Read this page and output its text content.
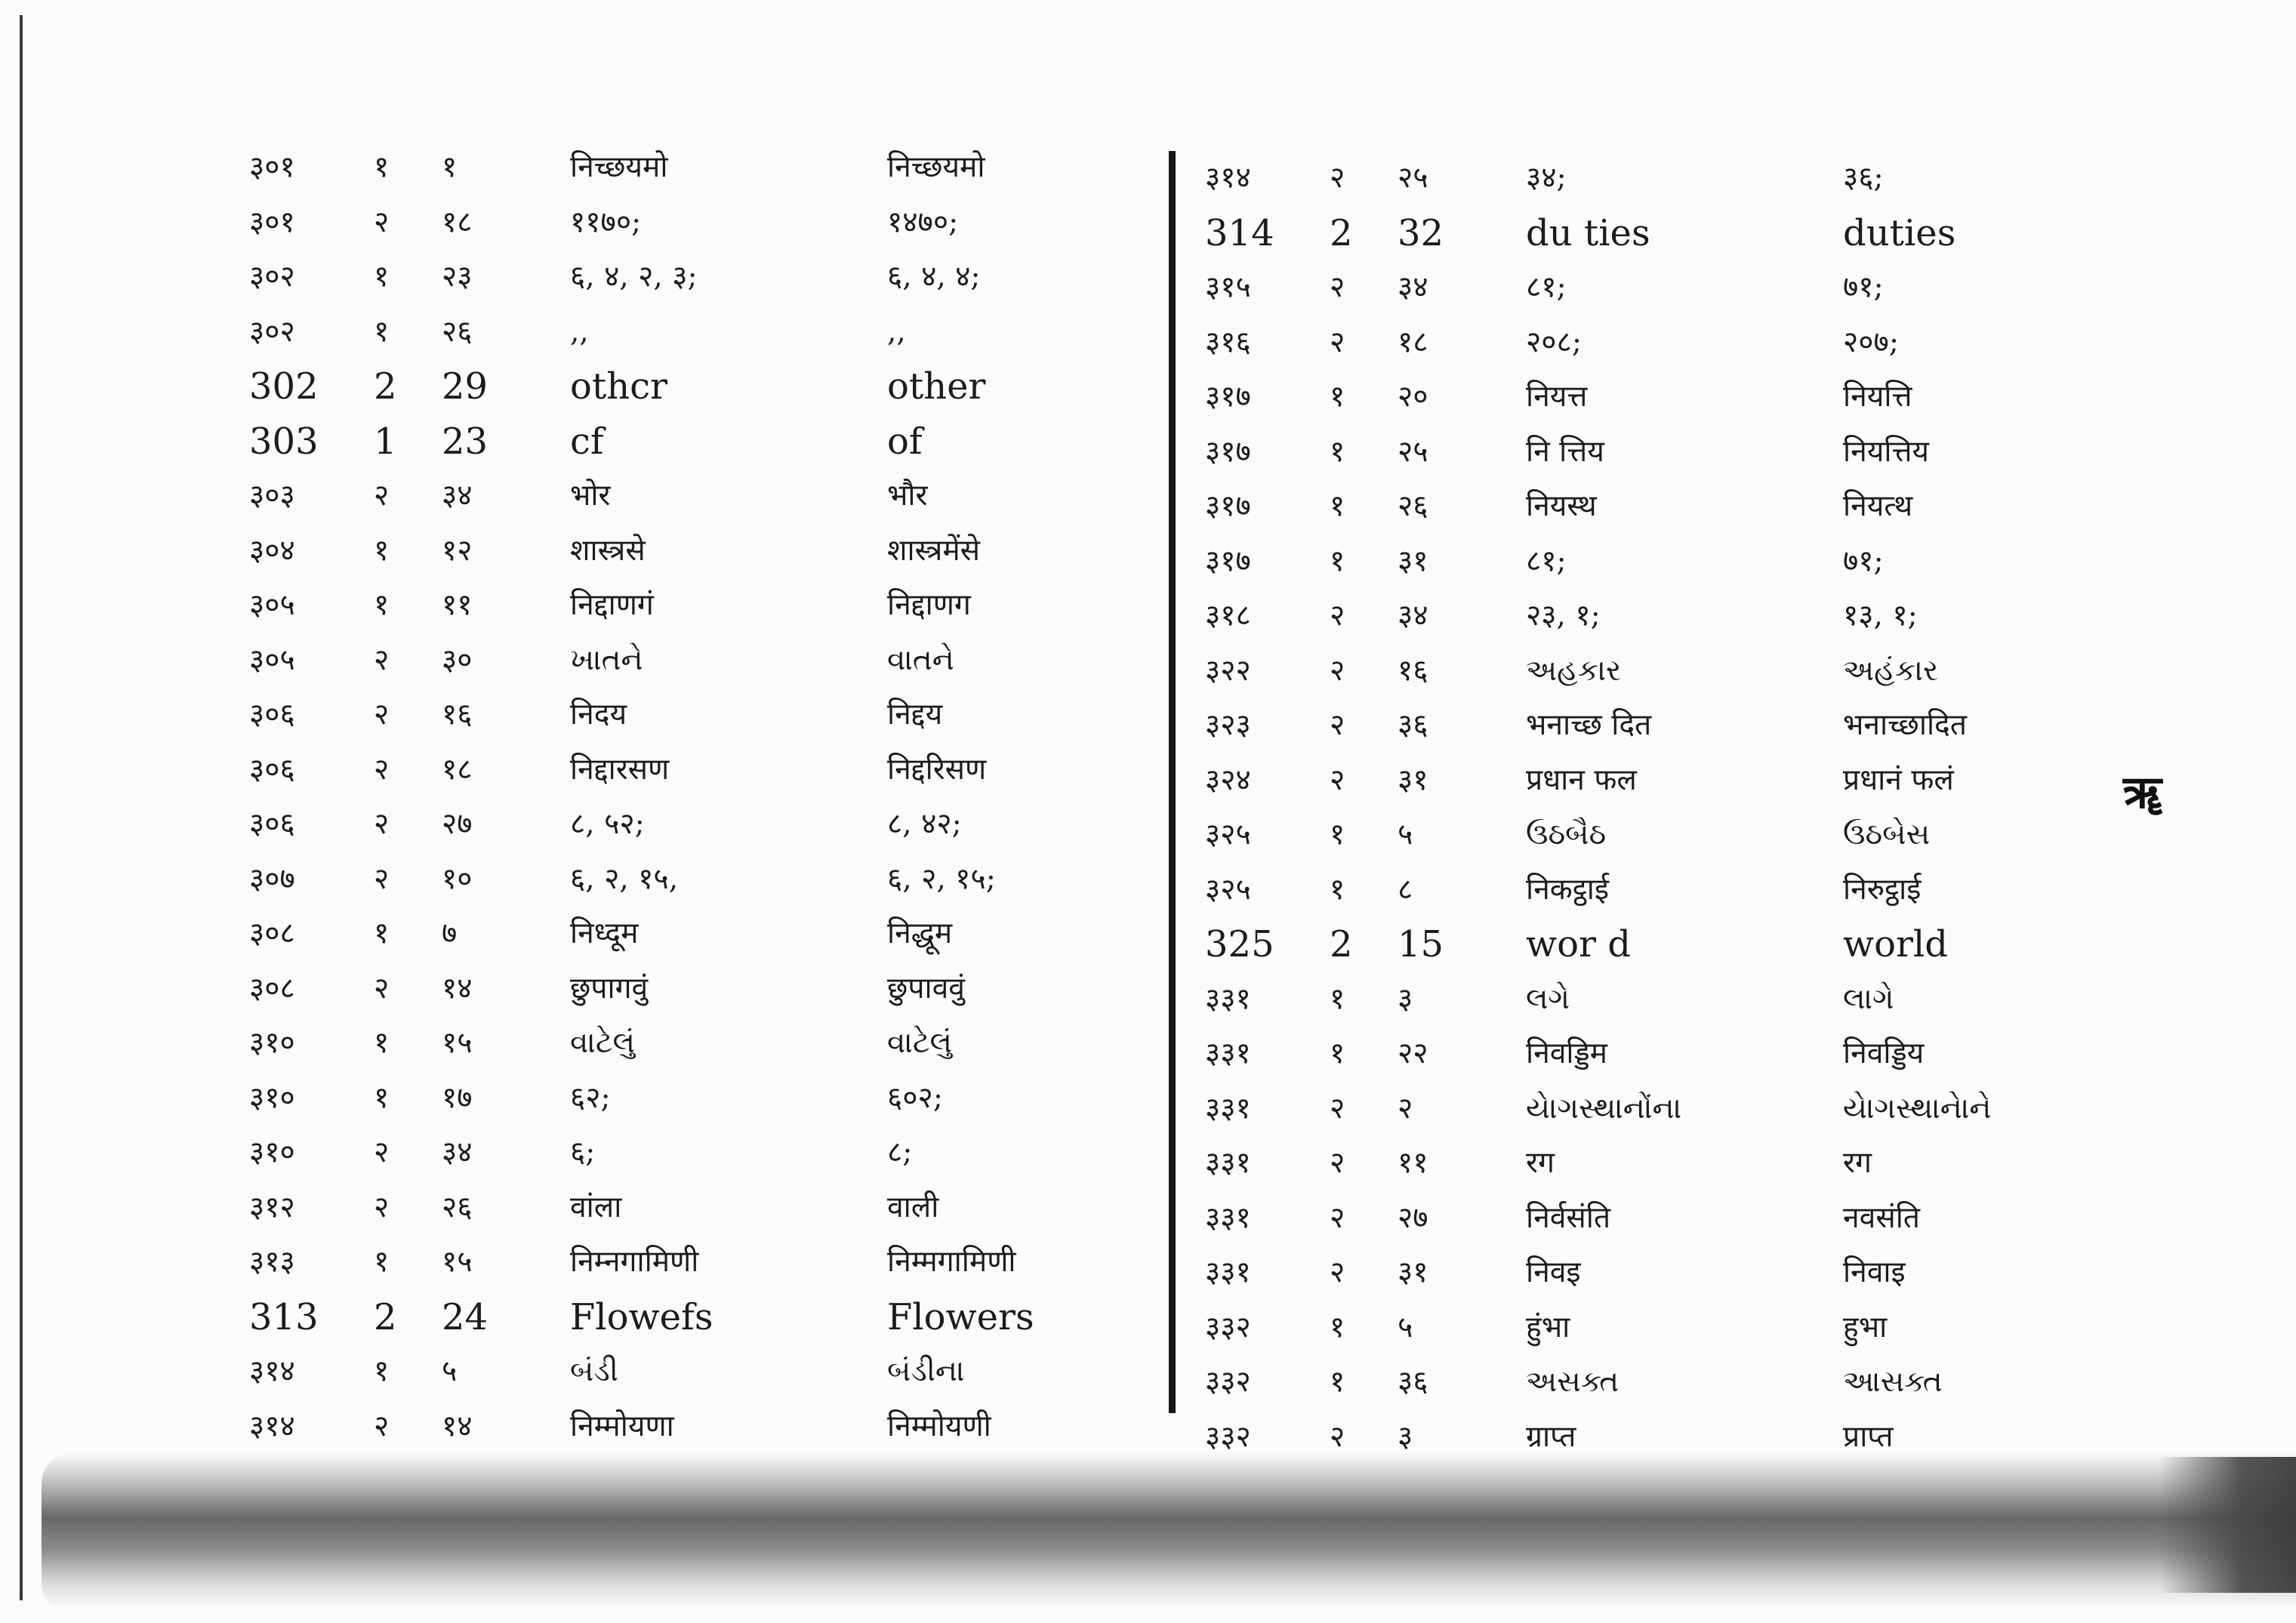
३०१	१ १	निच्छयमो	निच्छयमो
३०१	२ १८	११७०;	१४७०;
३०२	१ २३	६, ४, २, ३;	६, ४, ४;
३०२	१ २६	,,	,,
302 2 29 othcr	other
303 1 23 cf	of
३०३	२ ३४	भोर	भौर
३०४	१ १२	शास्त्रसे	शास्त्रमेंसे
३०५	१ ११	निद्दाणगं	निद्दाणग
३०५	२ ३०	ખાતને	વાતને
३०६	२ १६	निदय	निद्दय
३०६	२ १८	निद्दारसण	निद्दरिसण
३०६	२ २७	८, ५२;	८, ४२;
३०७	२ १०	६, २, १५,	६, २, १५;
३०८	१ ७	निध्दूम	निद्धूम
३०८	२ १४	छुपागवुं	छुपाववुं
३१०	१ १५	વાટેલું	વાટેલું
३१०	१ १७	६२;	६०२;
३१०	२ ३४	६;	८;
३१२	२ २६	वांला	वाली
३१३	१ १५	निम्नगामिणी	निम्मगामिणी
313 2 24 Flowefs	Flowers
३१४	१ ५	બંડી	બંડીના
३१४	२ १४	निम्मोयणा	निम्मोयणी
३१४	२ २५	३४;	३६;
314 2 32 du ties	duties
३१५	२ ३४	८१;	७१;
३१६	२ १८	२०८;	२०७;
३१७	१ २०	नियत्त	नियत्ति
३१७	१ २५	नि त्तिय	नियत्तिय
३१७	१ २६	नियस्थ	नियत्थ
३१७	१ ३१	८१;	७१;
३१८	२ ३४	२३, १;	१३, १;
३२२	२ १६	અહકાર	અહંકાર
३२३	२ ३६	भनाच्छ दित	भनाच्छादित
३२४	२ ३१	प्रधान फल	प्रधानं फलं
३२५	१ ५	ઉઠબૈઠ	ઉઠબેસ
३२५	१ ८	निकट्ठाई	निरुट्ठाई
325 2 15 wor d	world
३३१	१ ३	લગે	લાગે
३३१	१ २२	निवड्डिम	निवड्डिय
३३१	२ २	યેાગસ્થાનોંના	યેાગસ્થાનેાને
३३१	२ ११	रग	रग
३३१	२ २७	निर्वसंति	नवसंति
३३१	२ ३१	निवइ	निवाइ
३३२	१ ५	हुंभा	हुभा
३३२	१ ३६	અસક્ત	આસક્ત
३३२	२ ३	ग्राप्त	प्राप्त
ॠ
